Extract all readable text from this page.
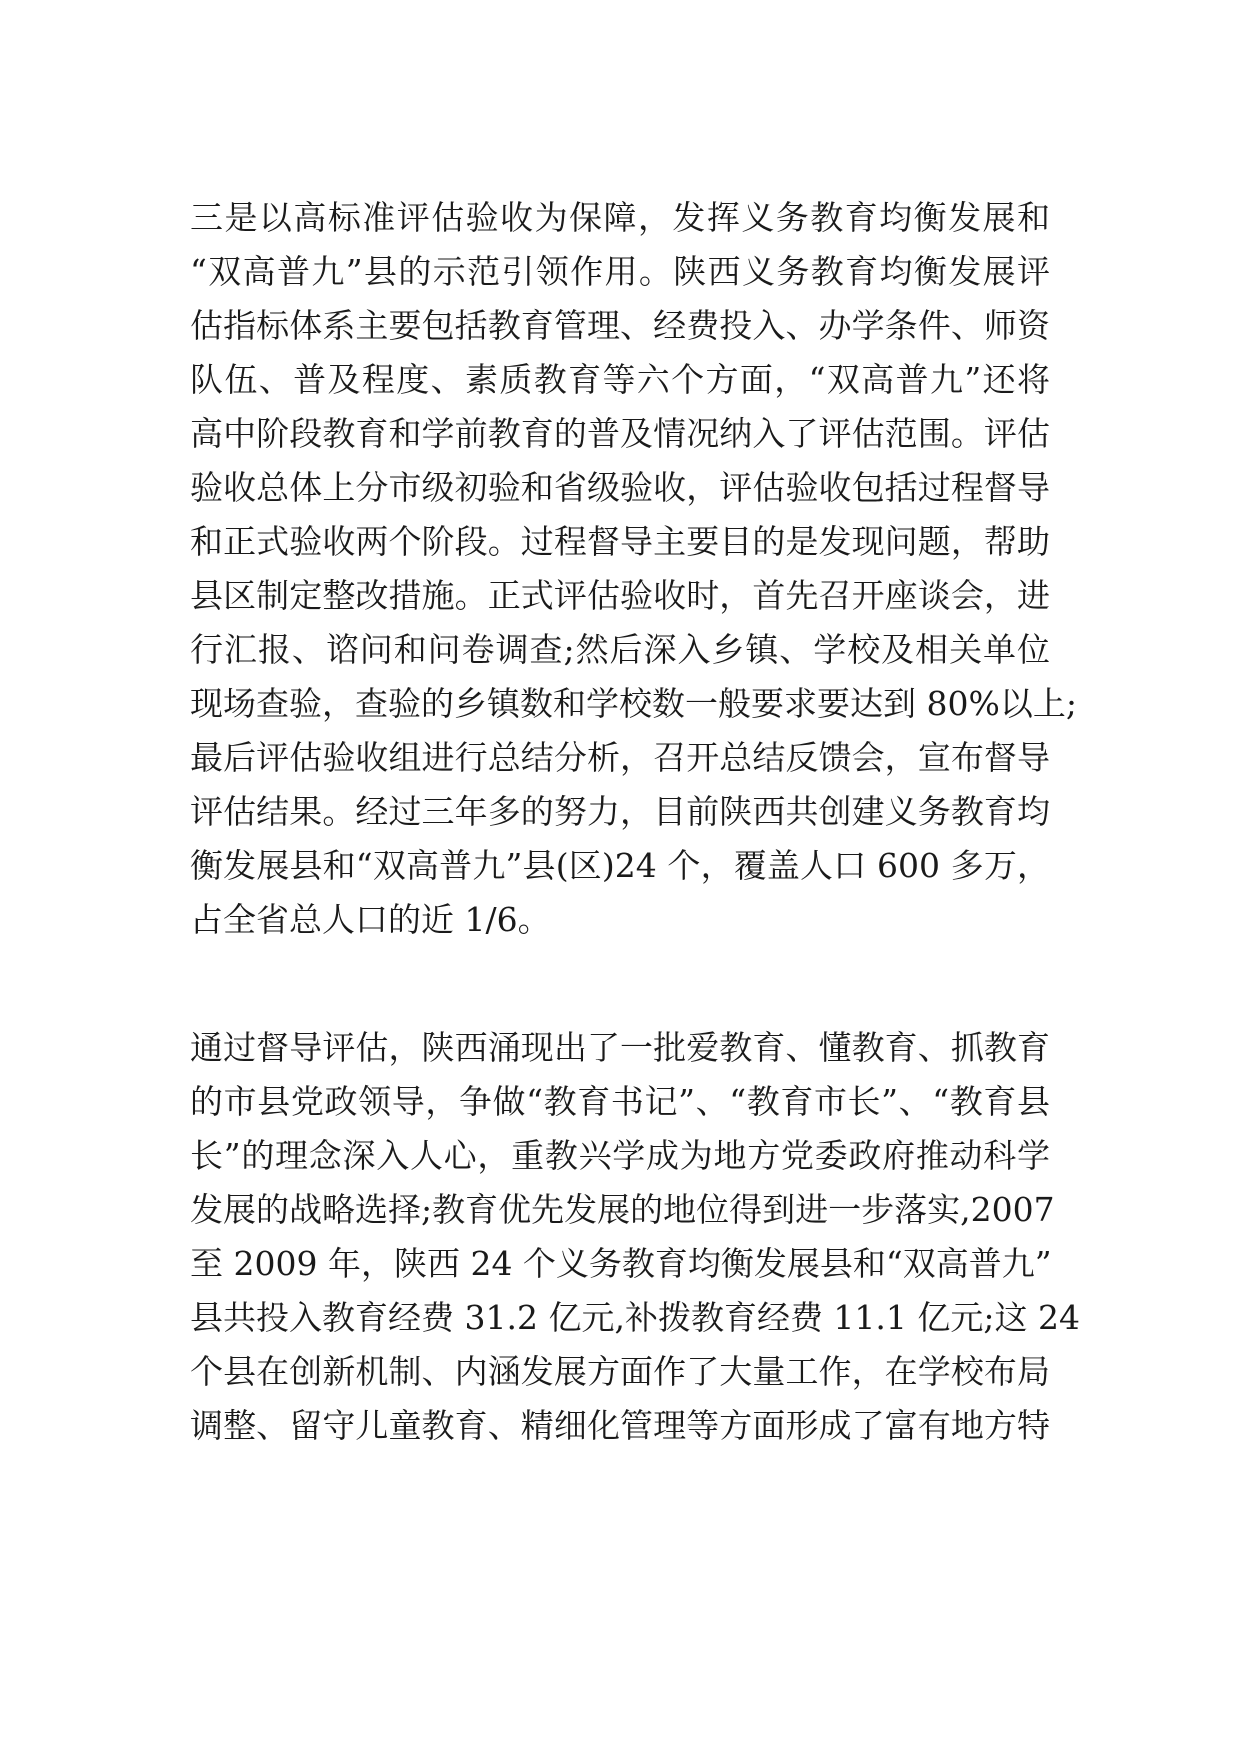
三是以高标准评估验收为保障，发挥义务教育均衡发展和
“双高普九”县的示范引领作用。陕西义务教育均衡发展评
估指标体系主要包括教育管理、经费投入、办学条件、师资
队伍、普及程度、素质教育等六个方面，“双高普九”还将
高中阶段教育和学前教育的普及情况纳入了评估范围。评估
验收总体上分市级初验和省级验收，评估验收包括过程督导
和正式验收两个阶段。过程督导主要目的是发现问题，帮助
县区制定整改措施。正式评估验收时，首先召开座谈会，进
行汇报、谘问和问卷调查;然后深入乡镇、学校及相关单位
现场查验，查验的乡镇数和学校数一般要求要达到 80%以上;
最后评估验收组进行总结分析，召开总结反馈会，宣布督导
评估结果。经过三年多的努力，目前陕西共创建义务教育均
衡发展县和“双高普九”县(区)24 个，覆盖人口 600 多万，
占全省总人口的近 1/6。
通过督导评估，陕西涌现出了一批爱教育、懂教育、抓教育
的市县党政领导，争做“教育书记”、“教育市长”、“教育县
长”的理念深入人心，重教兴学成为地方党委政府推动科学
发展的战略选择;教育优先发展的地位得到进一步落实,2007
至 2009 年，陕西 24 个义务教育均衡发展县和“双高普九”
县共投入教育经费 31.2 亿元,补拨教育经费 11.1 亿元;这 24
个县在创新机制、内涵发展方面作了大量工作，在学校布局
调整、留守儿童教育、精细化管理等方面形成了富有地方特
